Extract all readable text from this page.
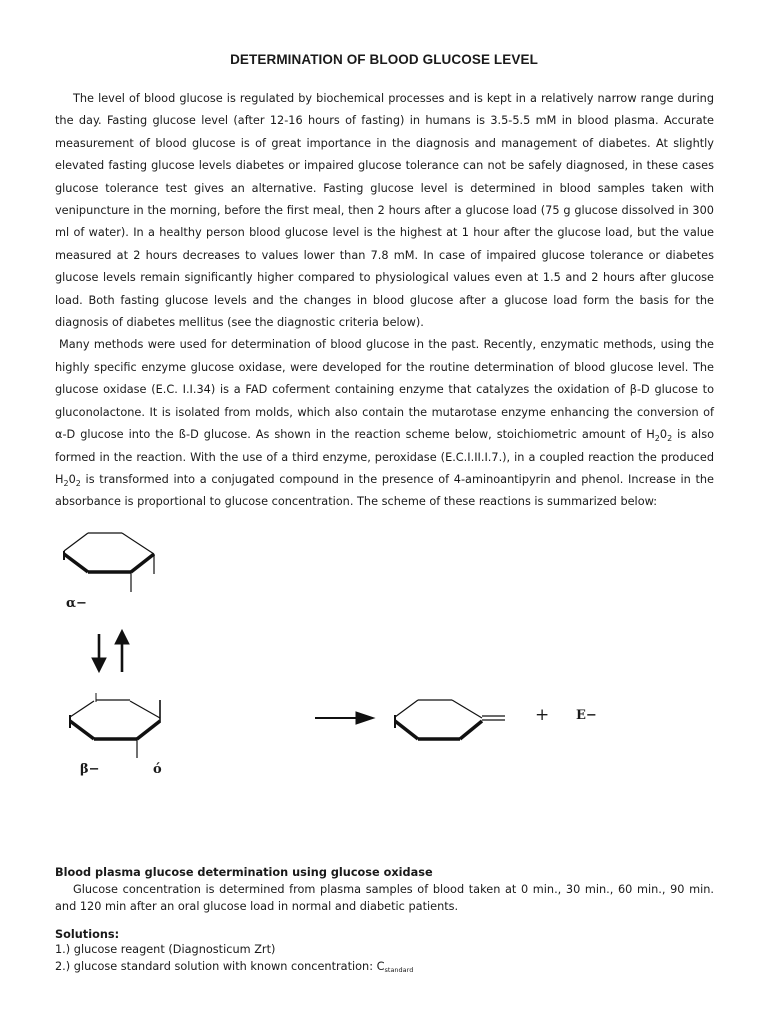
DETERMINATION OF BLOOD GLUCOSE LEVEL

The level of blood glucose is regulated by biochemical processes and is kept in a relatively narrow range during the day. Fasting glucose level (after 12-16 hours of fasting) in humans is 3.5-5.5 mM in blood plasma. Accurate measurement of blood glucose is of great importance in the diagnosis and management of diabetes. At slightly elevated fasting glucose levels diabetes or impaired glucose tolerance can not be safely diagnosed, in these cases glucose tolerance test gives an alternative. Fasting glucose level is determined in blood samples taken with venipuncture in the morning, before the first meal, then 2 hours after a glucose load (75 g glucose dissolved in 300 ml of water). In a healthy person blood glucose level is the highest at 1 hour after the glucose load, but the value measured at 2 hours decreases to values lower than 7.8 mM. In case of impaired glucose tolerance or diabetes glucose levels remain significantly higher compared to physiological values even at 1.5 and 2 hours after glucose load. Both fasting glucose levels and the changes in blood glucose after a glucose load form the basis for the diagnosis of diabetes mellitus (see the diagnostic criteria below).

Many methods were used for determination of blood glucose in the past. Recently, enzymatic methods, using the highly specific enzyme glucose oxidase, were developed for the routine determination of blood glucose level. The glucose oxidase (E.C. I.I.34) is a FAD coferment containing enzyme that catalyzes the oxidation of β-D glucose to gluconolactone. It is isolated from molds, which also contain the mutarotase enzyme enhancing the conversion of α-D glucose into the ß-D glucose. As shown in the reaction scheme below, stoichiometric amount of $H_20_2$ is also formed in the reaction. With the use of a third enzyme, peroxidase (E.C.I.II.I.7.), in a coupled reaction the produced $H_20_2$ is transformed into a conjugated compound in the presence of 4-aminoantipyrin and phenol. Increase in the absorbance is proportional to glucose concentration. The scheme of these reactions is summarized below:

α−
β−	ó
+ E−
Blood plasma glucose determination using glucose oxidase
Glucose concentration is determined from plasma samples of blood taken at 0 min., 30 min., 60 min., 90 min. and 120 min after an oral glucose load in normal and diabetic patients.
Solutions:
1.) glucose reagent (Diagnosticum Zrt)
2.) glucose standard solution with known concentration: Cstandard
